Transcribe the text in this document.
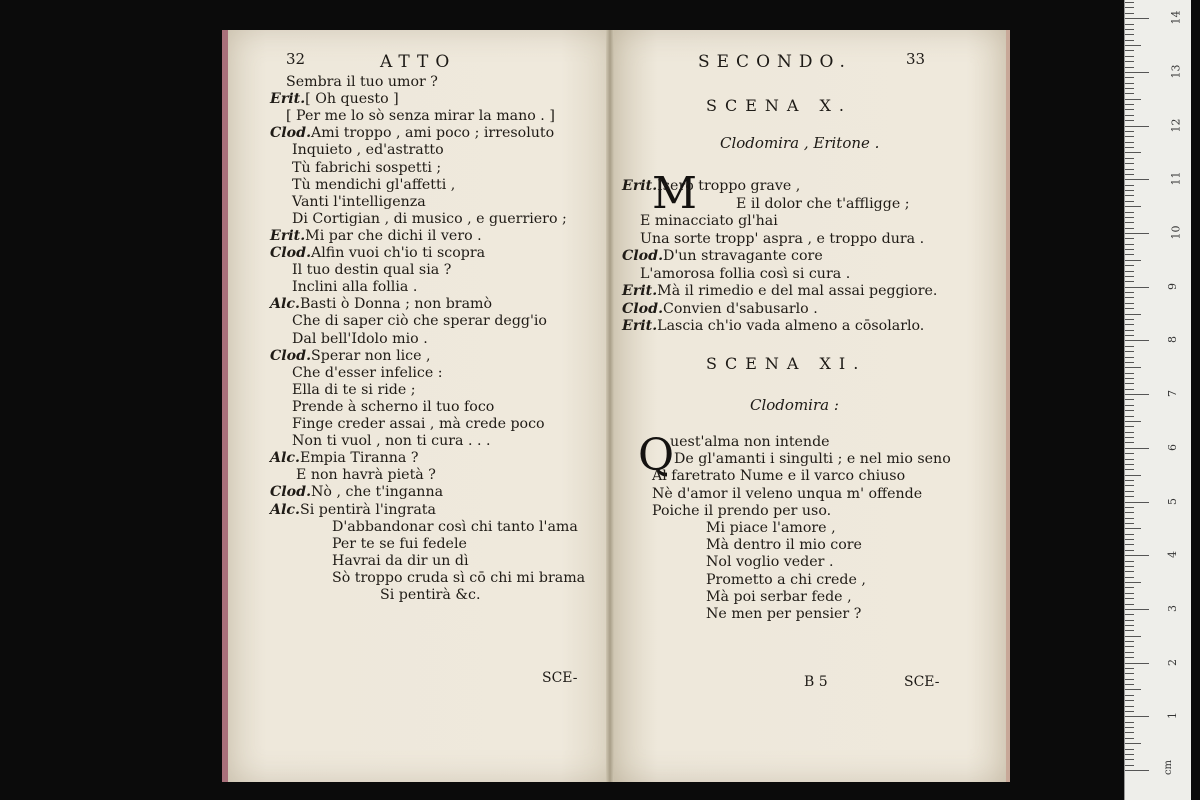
32	ATTO
Sembra il tuo umor ?
Erit.[ Oh questo ]
[ Per me lo sò senza mirar la mano . ]
Clod.Ami troppo , ami poco ; irresoluto
Inquieto , ed'astratto
Tù fabrichi sospetti ;
Tù mendichi gl'affetti ,
Vanti l'intelligenza
Di Cortigian , di musico , e guerriero ;
Erit.Mi par che dichi il vero .
Clod.Alfin vuoi ch'io ti scopra
Il tuo destin qual sia ?
Inclini alla follia .
Alc.Basti ò Donna ; non bramò
Che di saper ciò che sperar degg'io
Dal bell'Idolo mio .
Clod.Sperar non lice ,
Che d'esser infelice :
Ella di te si ride ;
Prende à scherno il tuo foco
Finge creder assai , mà crede poco
Non ti vuol , non ti cura . . .
Alc.Empia Tiranna ?
E non havrà pietà ?
Clod.Nò , che t'inganna
Alc.Si pentirà l'ingrata
D'abbandonar così chi tanto l'ama
Per te se fui fedele
Havrai da dir un dì
Sò troppo cruda sì cō chi mi brama
Si pentirà &c.
SCE-
SECONDO.	33
SCENA X.
Clodomira , Eritone .
M
Erit.Isero troppo grave ,
E il dolor che t'affligge ;
E minacciato gl'hai
Una sorte tropp' aspra , e troppo dura .
Clod.D'un stravagante core
L'amorosa follia così si cura .
Erit.Mà il rimedio e del mal assai peggiore.
Clod.Convien d'sabusarlo .
Erit.Lascia ch'io vada almeno a cōsolarlo.
SCENA XI.
Clodomira :
Q
uest'alma non intende
De gl'amanti i singulti ; e nel mio seno
Al faretrato Nume e il varco chiuso
Nè d'amor il veleno unqua m' offende
Poiche il prendo per uso.
Mi piace l'amore ,
Mà dentro il mio core
Nol voglio veder .
Prometto a chi crede ,
Mà poi serbar fede ,
Ne men per pensier ?
B 5	SCE-
1
2
3
4
5
6
7
8
9
10
11
12
13
14
cm
